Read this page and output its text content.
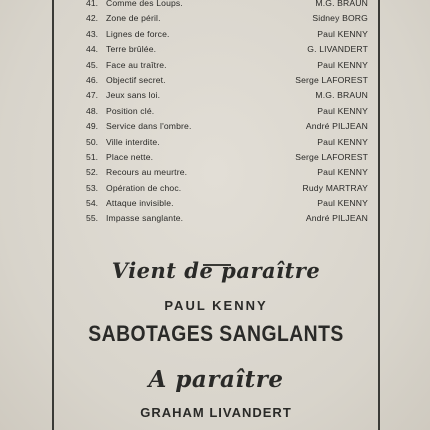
41. Comme des Loups.	M.G. BRAUN
42. Zone de péril.	Sidney BORG
43. Lignes de force.	Paul KENNY
44. Terre brûlée.	G. LIVANDERT
45. Face au traître.	Paul KENNY
46. Objectif secret.	Serge LAFOREST
47. Jeux sans loi.	M.G. BRAUN
48. Position clé.	Paul KENNY
49. Service dans l'ombre.	André PILJEAN
50. Ville interdite.	Paul KENNY
51. Place nette.	Serge LAFOREST
52. Recours au meurtre.	Paul KENNY
53. Opération de choc.	Rudy MARTRAY
54. Attaque invisible.	Paul KENNY
55. Impasse sanglante.	André PILJEAN
Vient de paraître
PAUL KENNY
SABOTAGES SANGLANTS
A paraître
GRAHAM LIVANDERT
